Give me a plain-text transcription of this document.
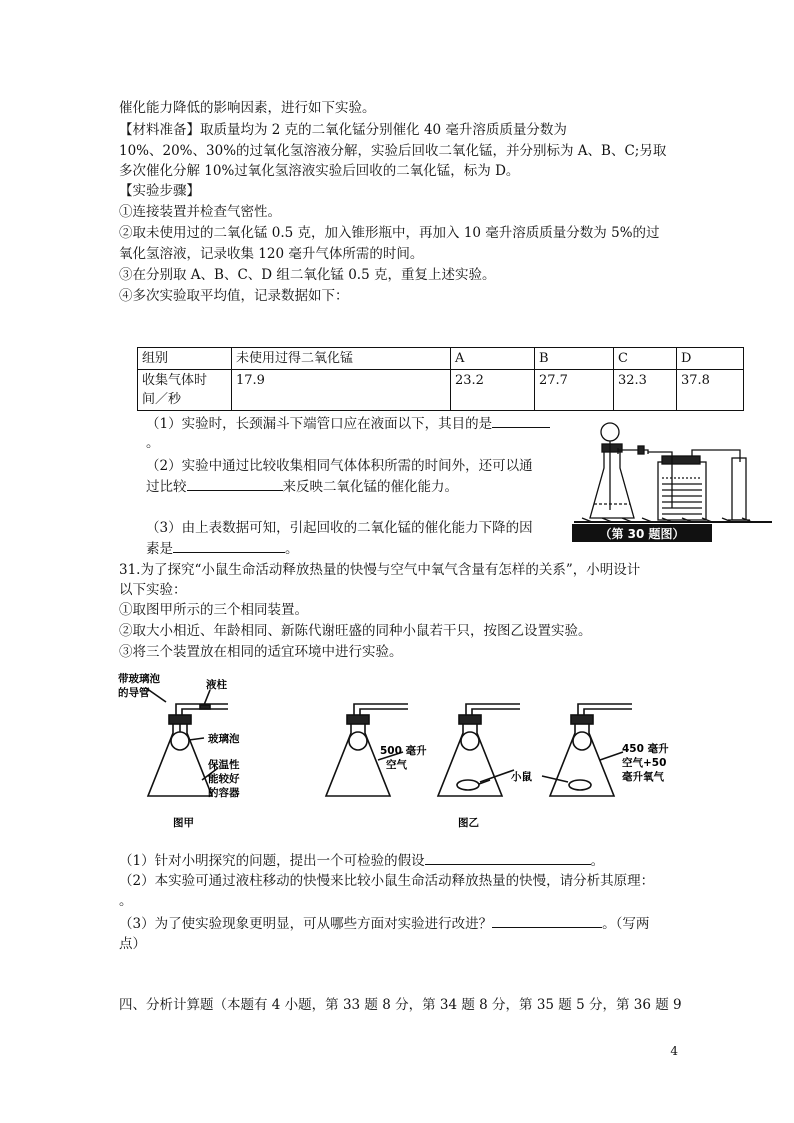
催化能力降低的影响因素，进行如下实验。
【材料准备】取质量均为 2 克的二氧化锰分别催化 40 毫升溶质质量分数为
10%、20%、30%的过氧化氢溶液分解，实验后回收二氧化锰，并分别标为 A、B、C;另取
多次催化分解 10%过氧化氢溶液实验后回收的二氧化锰，标为 D。
【实验步骤】
①连接装置并检查气密性。
②取未使用过的二氧化锰 0.5 克，加入锥形瓶中，再加入 10 毫升溶质质量分数为 5%的过
氧化氢溶液，记录收集 120 毫升气体所需的时间。
③在分别取 A、B、C、D 组二氧化锰 0.5 克，重复上述实验。
④多次实验取平均值，记录数据如下：
组别	未使用过得二氧化锰	A	B	C	D
收集气体时
间／秒	17.9	23.2	27.7	32.3	37.8
（1）实验时，长颈漏斗下端管口应在液面以下，其目的是
。
（2）实验中通过比较收集相同气体体积所需的时间外，还可以通
过比较	来反映二氧化锰的催化能力。
（3）由上表数据可知，引起回收的二氧化锰的催化能力下降的因
素是	。
（第 30 题图）
31.为了探究“小鼠生命活动释放热量的快慢与空气中氧气含量有怎样的关系”，小明设计
以下实验：
①取图甲所示的三个相同装置。
②取大小相近、年龄相同、新陈代谢旺盛的同种小鼠若干只，按图乙设置实验。
③将三个装置放在相同的适宜环境中进行实验。
带玻璃泡
的导管
液柱
玻璃泡
保温性
能较好
的容器
图甲
500 毫升
空气
小鼠
450 毫升
空气+50
毫升氧气
图乙
（1）针对小明探究的问题，提出一个可检验的假设	。
（2）本实验可通过液柱移动的快慢来比较小鼠生命活动释放热量的快慢，请分析其原理：
。
（3）为了使实验现象更明显，可从哪些方面对实验进行改进？	。（写两
点）
四、分析计算题（本题有 4 小题，第 33 题 8 分，第 34 题 8 分，第 35 题 5 分，第 36 题 9
4
